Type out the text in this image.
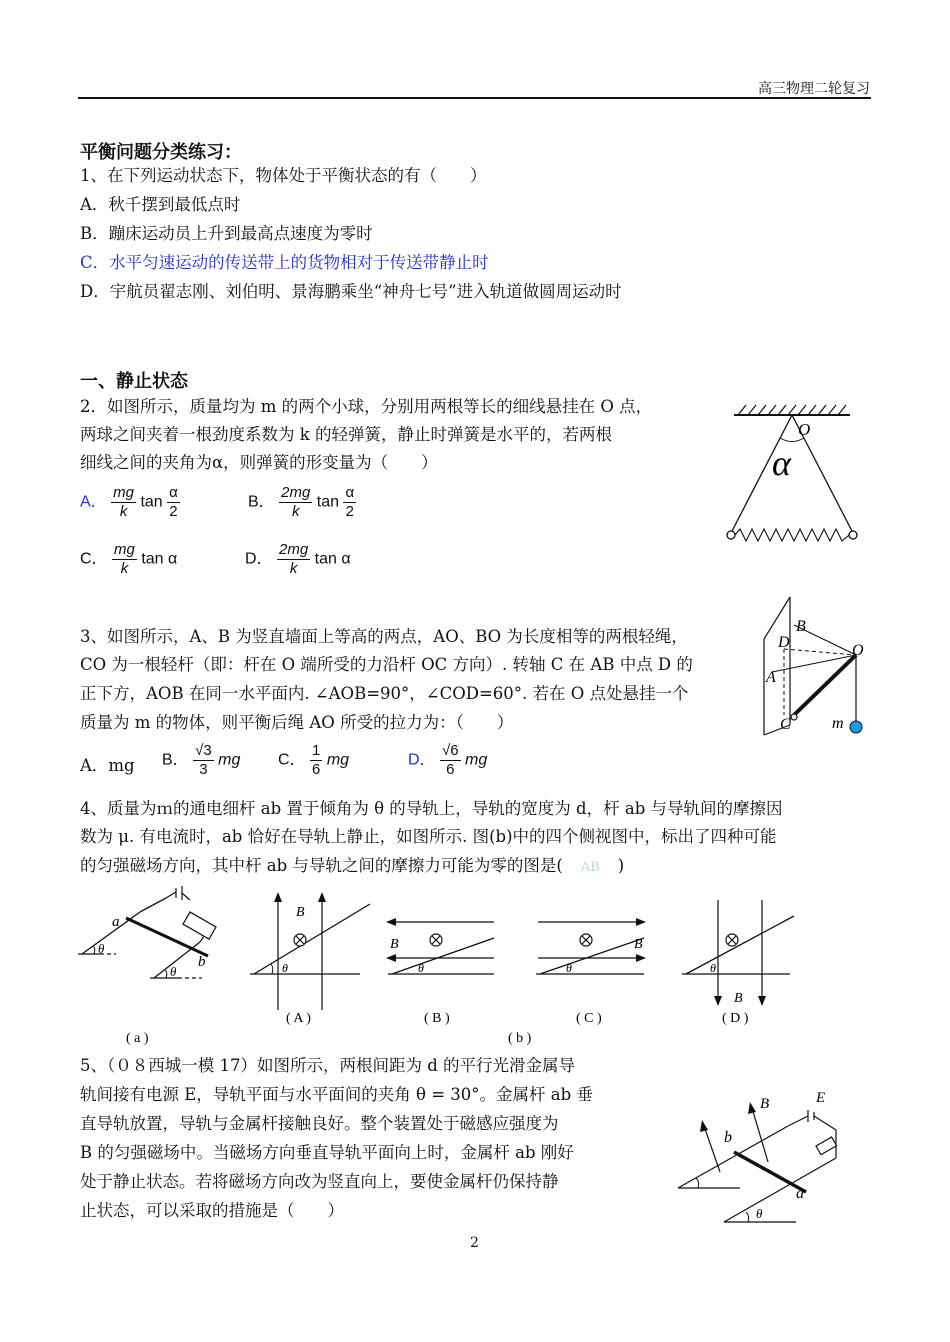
高三物理二轮复习
平衡问题分类练习：
1、在下列运动状态下，物体处于平衡状态的有（　　）
A．秋千摆到最低点时
B．蹦床运动员上升到最高点速度为零时
C．水平匀速运动的传送带上的货物相对于传送带静止时
D．宇航员翟志刚、刘伯明、景海鹏乘坐“神舟七号”进入轨道做圆周运动时
一、静止状态
2．如图所示，质量均为 m 的两个小球，分别用两根等长的细线悬挂在 O 点，
两球之间夹着一根劲度系数为 k 的轻弹簧，静止时弹簧是水平的，若两根
细线之间的夹角为α，则弹簧的形变量为（　　）
A． $\frac{mg}{k}$ $\tan \frac{\alpha}{2}$	B． $\frac{2mg}{k}$ $\tan \frac{\alpha}{2}$
C． $\frac{mg}{k}$ tan α	D． $\frac{2mg}{k}$ tan α
O
α
3、如图所示，A、B 为竖直墙面上等高的两点，AO、BO 为长度相等的两根轻绳，
CO 为一根轻杆（即：杆在 O 端所受的力沿杆 OC 方向）. 转轴 C 在 AB 中点 D 的
正下方，AOB 在同一水平面内. ∠AOB=90°，∠COD=60°. 若在 O 点处悬挂一个
质量为 m 的物体，则平衡后绳 AO 所受的拉力为：（　　）
A．mg B． $\frac{√3}{3}$ mg C． $\frac{1}{6}$ mg	D． $\frac{√6}{6}$ mg
B
D	O
A
C	m
4、质量为ｍ的通电细杆 ab 置于倾角为 θ 的导轨上，导轨的宽度为 d，杆 ab 与导轨间的摩擦因
数为 μ. 有电流时，ab 恰好在导轨上静止，如图所示. 图(b)中的四个侧视图中，标出了四种可能
的匀强磁场方向，其中杆 ab 与导轨之间的摩擦力可能为零的图是( AB )
a
b
θ
θ
( a )
B
θ
( A )
B
θ
( B )
B
θ
( C )
B
θ
( D )
( b )
5、（０８西城一模 17）如图所示，两根间距为 d 的平行光滑金属导
轨间接有电源 E，导轨平面与水平面间的夹角 θ = 30°。金属杆 ab 垂
直导轨放置，导轨与金属杆接触良好。整个装置处于磁感应强度为
B 的匀强磁场中。当磁场方向垂直导轨平面向上时，金属杆 ab 刚好
处于静止状态。若将磁场方向改为竖直向上，要使金属杆仍保持静
止状态，可以采取的措施是（　　）
B	E
b
a
θ
2
